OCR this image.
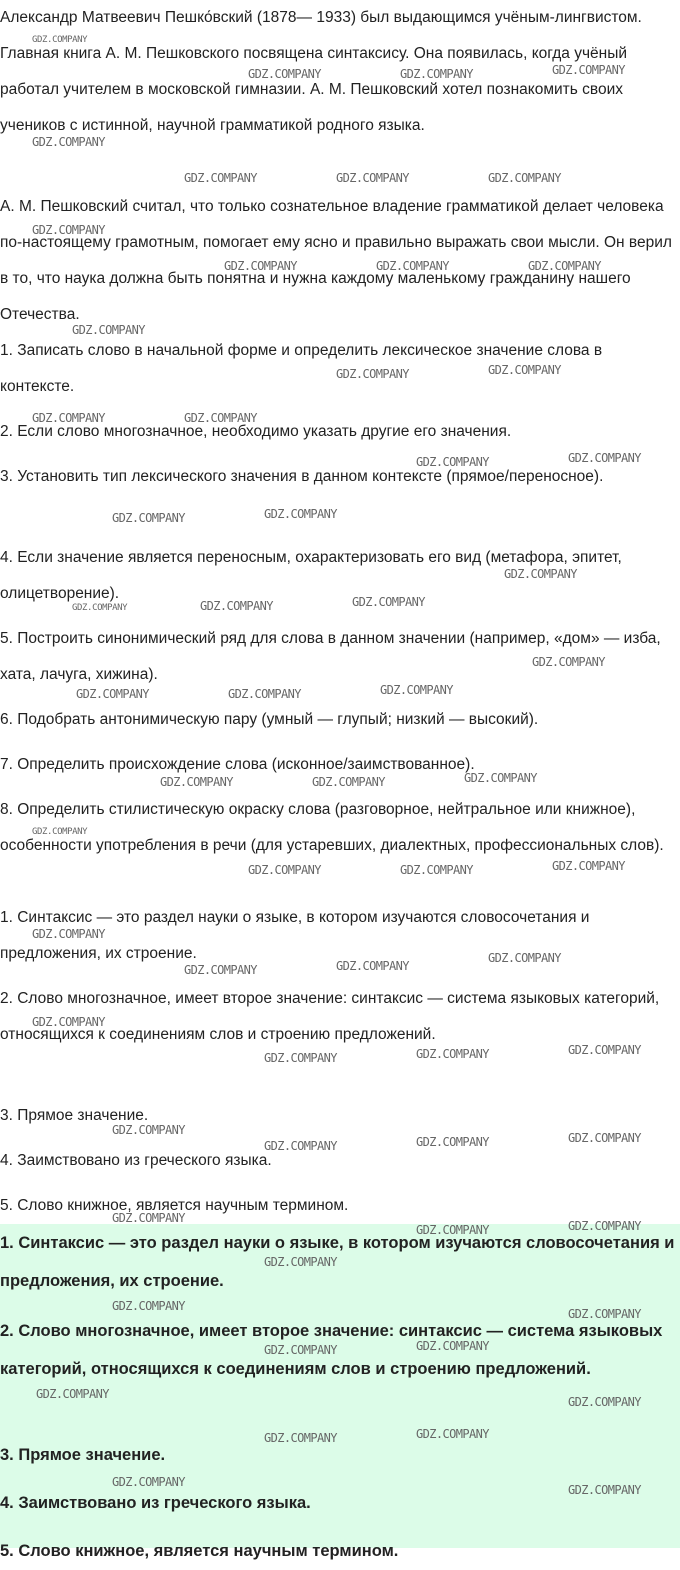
Александр Матвеевич Пешко́вский (1878— 1933) был выдающимся учёным-лингвистом. Главная книга А. М. Пешковского посвящена синтаксису. Она появилась, когда учёный работал учителем в московской гимназии. А. М. Пешковский хотел познакомить своих учеников с истинной, научной грамматикой родного языка.

А. М. Пешковский считал, что только сознательное владение грамматикой делает человека по-настоящему грамотным, помогает ему ясно и правильно выражать свои мысли. Он верил в то, что наука должна быть понятна и нужна каждому маленькому гражданину нашего Отечества.

1. Записать слово в начальной форме и определить лексическое значение слова в контексте.

2. Если слово многозначное, необходимо указать другие его значения.

3. Установить тип лексического значения в данном контексте (прямое/переносное).

4. Если значение является переносным, охарактеризовать его вид (метафора, эпитет, олицетворение).

5. Построить синонимический ряд для слова в данном значении (например, «дом» — изба, хата, лачуга, хижина).

6. Подобрать антонимическую пару (умный — глупый; низкий — высокий).

7. Определить происхождение слова (исконное/заимствованное).

8. Определить стилистическую окраску слова (разговорное, нейтральное или книжное), особенности употребления в речи (для устаревших, диалектных, профессиональных слов).

1. Синтаксис — это раздел науки о языке, в котором изучаются словосочетания и предложения, их строение.

2. Слово многозначное, имеет второе значение: синтаксис — система языковых категорий, относящихся к соединениям слов и строению предложений.

3. Прямое значение.

4. Заимствовано из греческого языка.

5. Слово книжное, является научным термином.

1. Синтаксис — это раздел науки о языке, в котором изучаются словосочетания и предложения, их строение.

2. Слово многозначное, имеет второе значение: синтаксис — система языковых категорий, относящихся к соединениям слов и строению предложений.

3. Прямое значение.

4. Заимствовано из греческого языка.

5. Слово книжное, является научным термином.

GDZ.COMPANY
GDZ.COMPANY	GDZ.COMPANY	GDZ.COMPANY
GDZ.COMPANY
GDZ.COMPANY	GDZ.COMPANY	GDZ.COMPANY
GDZ.COMPANY
GDZ.COMPANY	GDZ.COMPANY	GDZ.COMPANY
GDZ.COMPANY
GDZ.COMPANY	GDZ.COMPANY
GDZ.COMPANY	GDZ.COMPANY
GDZ.COMPANY	GDZ.COMPANY
GDZ.COMPANY	GDZ.COMPANY
GDZ.COMPANY
GDZ.COMPANY	GDZ.COMPANY	GDZ.COMPANY
GDZ.COMPANY
GDZ.COMPANY	GDZ.COMPANY	GDZ.COMPANY
GDZ.COMPANY	GDZ.COMPANY	GDZ.COMPANY
GDZ.COMPANY
GDZ.COMPANY	GDZ.COMPANY	GDZ.COMPANY
GDZ.COMPANY
GDZ.COMPANY	GDZ.COMPANY
GDZ.COMPANY
GDZ.COMPANY
GDZ.COMPANY	GDZ.COMPANY	GDZ.COMPANY
GDZ.COMPANY
GDZ.COMPANY	GDZ.COMPANY	GDZ.COMPANY
GDZ.COMPANY
GDZ.COMPANY	GDZ.COMPANY
GDZ.COMPANY
GDZ.COMPANY
GDZ.COMPANY
GDZ.COMPANY	GDZ.COMPANY
GDZ.COMPANY
GDZ.COMPANY
GDZ.COMPANY	GDZ.COMPANY
GDZ.COMPANY
GDZ.COMPANY
